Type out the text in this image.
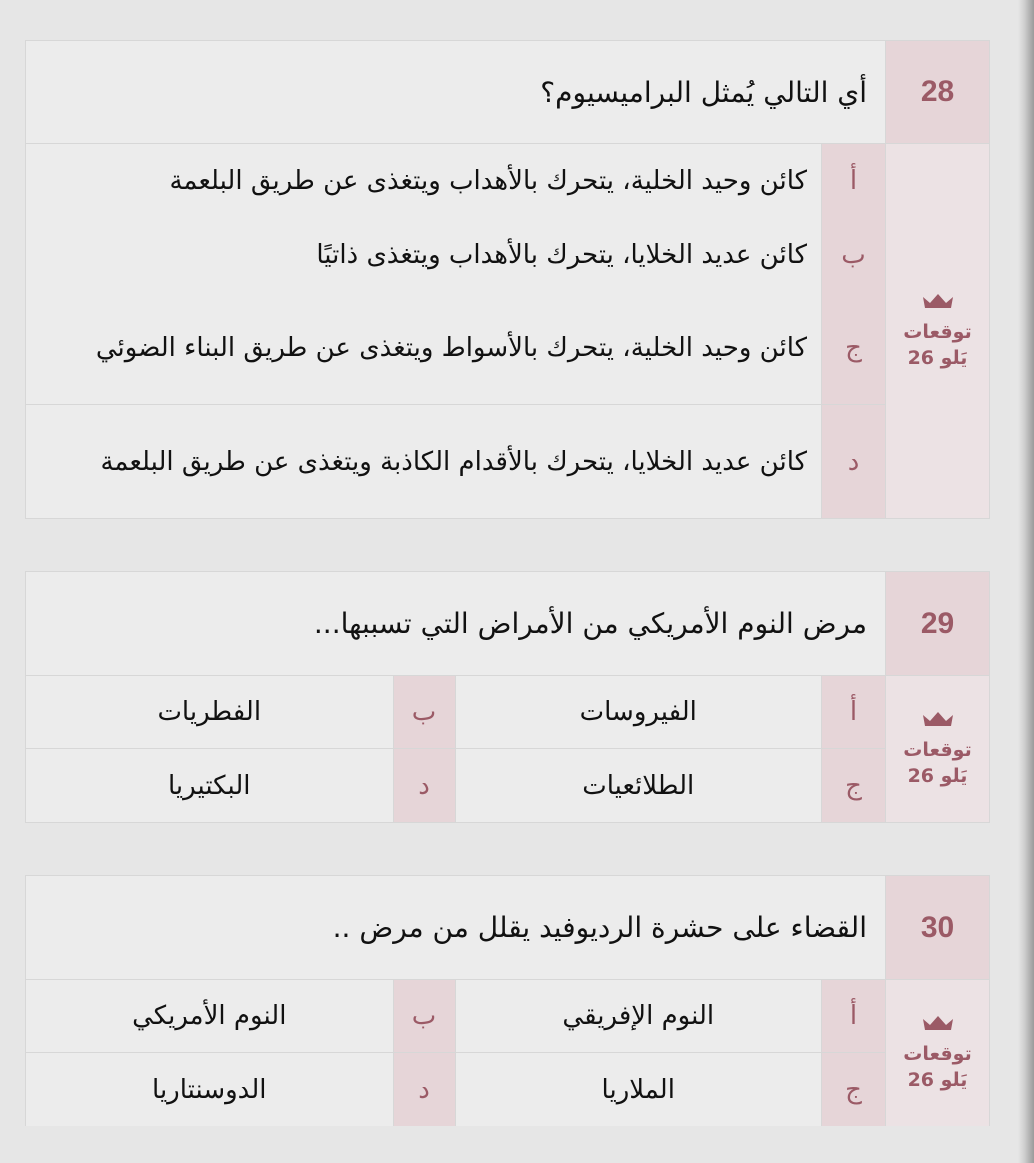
28
أي التالي يُمثل البراميسيوم؟
توقعات
يَلو 26
أ
كائن وحيد الخلية، يتحرك بالأهداب ويتغذى عن طريق البلعمة
ب
كائن عديد الخلايا، يتحرك بالأهداب ويتغذى ذاتيًا
ج
كائن وحيد الخلية، يتحرك بالأسواط ويتغذى عن طريق البناء الضوئي
د
كائن عديد الخلايا، يتحرك بالأقدام الكاذبة ويتغذى عن طريق البلعمة
29
مرض النوم الأمريكي من الأمراض التي تسببها...
توقعات
يَلو 26
أ
الفيروسات
ب
الفطريات
ج
الطلائعيات
د
البكتيريا
30
القضاء على حشرة الرديوفيد يقلل من مرض ..
توقعات
يَلو 26
أ
النوم الإفريقي
ب
النوم الأمريكي
ج
الملاريا
د
الدوسنتاريا
